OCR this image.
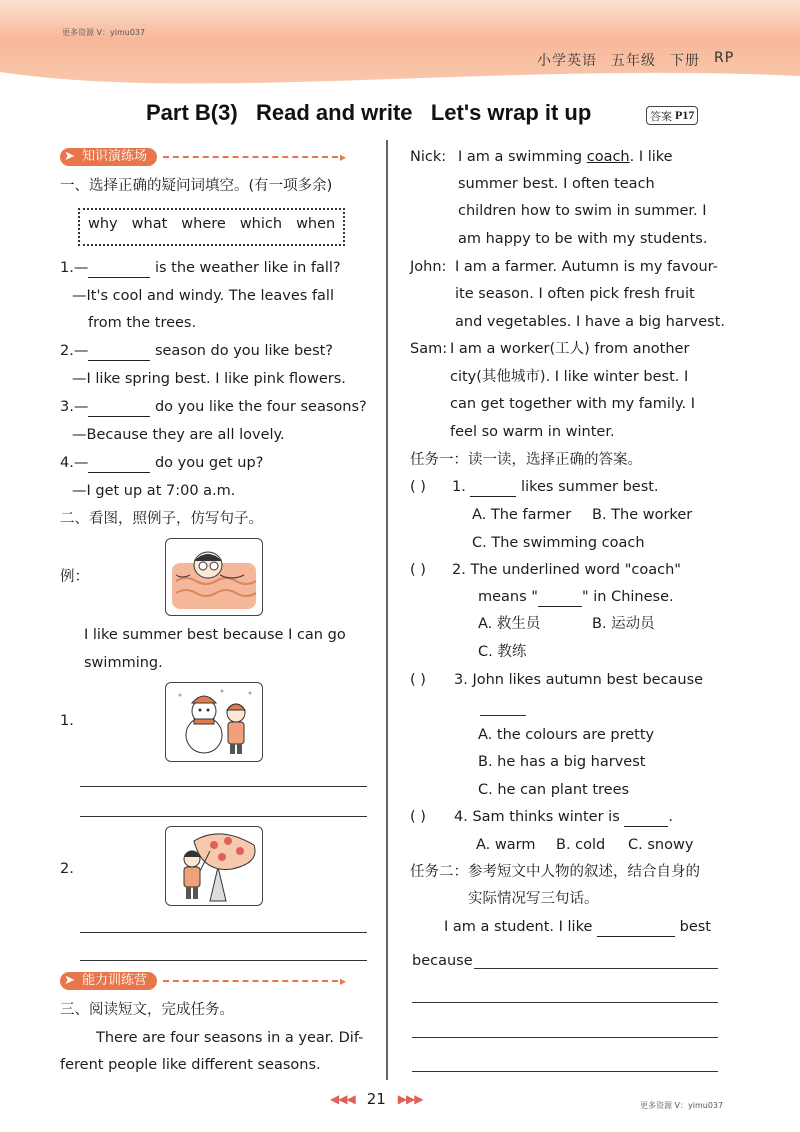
更多资源 V：yimu037
小学英语 五年级 下册 RP
Part B(3)   Read and write   Let's wrap it up	答案 P17
➤ 知识演练场	▸
一、选择正确的疑问词填空。(有一项多余)
why what where which when
1.—	is the weather like in fall?
—It's cool and windy. The leaves fall
from the trees.
2.—	season do you like best?
—I like spring best. I like pink flowers.
3.—	do you like the four seasons?
—Because they are all lovely.
4.—	do you get up?
—I get up at 7:00 a.m.
二、看图，照例子，仿写句子。
例：
I like summer best because I can go
swimming.
1.
2.
➤ 能力训练营	▸
三、阅读短文，完成任务。
There are four seasons in a year. Dif-
ferent people like different seasons.
Nick: I am a swimming coach. I like
summer best. I often teach
children how to swim in summer. I
am happy to be with my students.
John: I am a farmer. Autumn is my favour-
ite season. I often pick fresh fruit
and vegetables. I have a big harvest.
Sam: I am a worker(工人) from another
city(其他城市). I like winter best. I
can get together with my family. I
feel so warm in winter.
任务一：读一读，选择正确的答案。
( ) 1.	likes summer best.
A. The farmer B. The worker
C. The swimming coach
( ) 2. The underlined word "coach"
means "	" in Chinese.
A. 救生员	B. 运动员
C. 教练
( ) 3. John likes autumn best because
A. the colours are pretty
B. he has a big harvest
C. he can plant trees
( ) 4. Sam thinks winter is	.
A. warm B. cold C. snowy
任务二：参考短文中人物的叙述，结合自身的
实际情况写三句话。
I am a student. I like	best
because
◀◀◀ 21 ▶▶▶	更多资源 V：yimu037
